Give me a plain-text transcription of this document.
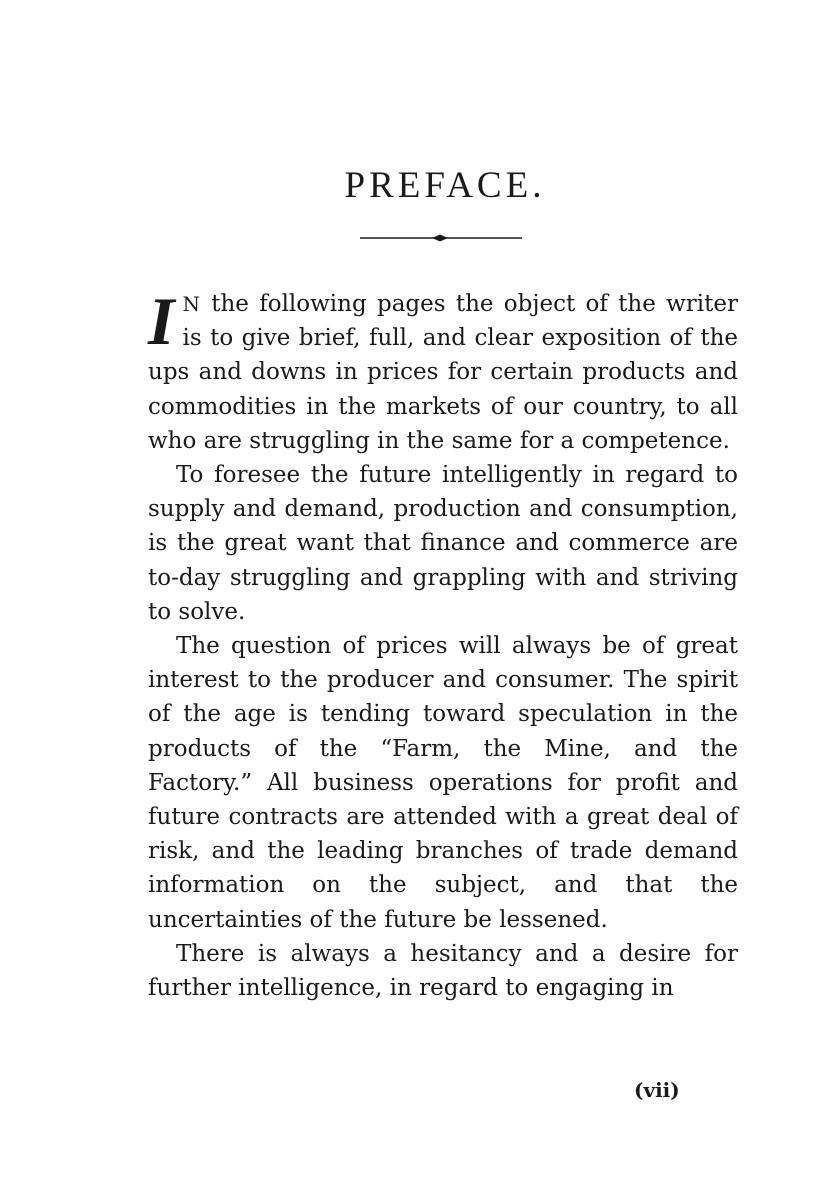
PREFACE.

I N the following pages the object of the writer is to give brief, full, and clear exposition of the ups and downs in prices for certain products and commodities in the markets of our country, to all who are struggling in the same for a competence.

To foresee the future intelligently in regard to supply and demand, production and consumption, is the great want that finance and commerce are to-day struggling and grappling with and striving to solve.

The question of prices will always be of great interest to the producer and consumer. The spirit of the age is tending toward speculation in the products of the “Farm, the Mine, and the Factory.” All business operations for profit and future contracts are attended with a great deal of risk, and the leading branches of trade demand information on the subject, and that the uncertainties of the future be lessened.

There is always a hesitancy and a desire for further intelligence, in regard to engaging in

(vii)
